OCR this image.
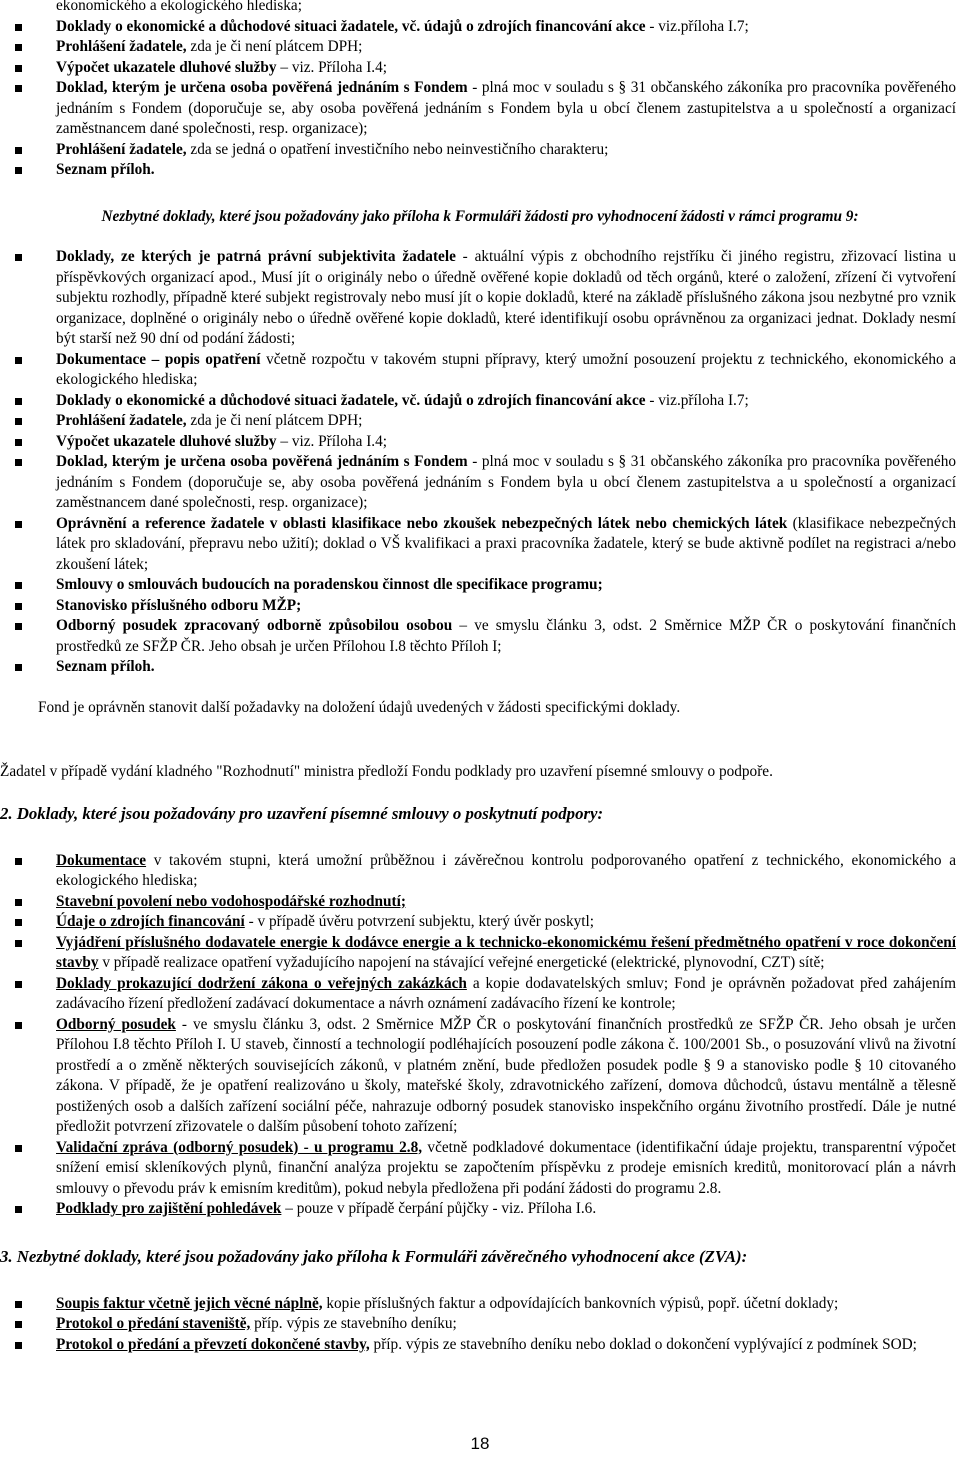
ekonomického a ekologického hlediska;
Doklady o ekonomické a důchodové situaci žadatele, vč. údajů o zdrojích financování akce - viz.příloha I.7;
Prohlášení žadatele, zda je či není plátcem DPH;
Výpočet ukazatele dluhové služby – viz. Příloha I.4;
Doklad, kterým je určena osoba pověřená jednáním s Fondem - plná moc v souladu s § 31 občanského zákoníka pro pracovníka pověřeného jednáním s Fondem (doporučuje se, aby osoba pověřená jednáním s Fondem byla u obcí členem zastupitelstva a u společností a organizací zaměstnancem dané společnosti, resp. organizace);
Prohlášení žadatele, zda se jedná o opatření investičního nebo neinvestičního charakteru;
Seznam příloh.
Nezbytné doklady, které jsou požadovány jako příloha k Formuláři žádosti pro vyhodnocení žádosti v rámci programu 9:
Doklady, ze kterých je patrná právní subjektivita žadatele - aktuální výpis z obchodního rejstříku či jiného registru, zřizovací listina u příspěvkových organizací apod., Musí jít o originály nebo o úředně ověřené kopie dokladů od těch orgánů, které o založení, zřízení či vytvoření subjektu rozhodly, případně které subjekt registrovaly nebo musí jít o kopie dokladů, které na základě příslušného zákona jsou nezbytné pro vznik organizace, doplněné o originály nebo o úředně ověřené kopie dokladů, které identifikují osobu oprávněnou za organizaci jednat. Doklady nesmí být starší než 90 dní od podání žádosti;
Dokumentace – popis opatření včetně rozpočtu v takovém stupni přípravy, který umožní posouzení projektu z technického, ekonomického a ekologického hlediska;
Doklady o ekonomické a důchodové situaci žadatele, vč. údajů o zdrojích financování akce - viz.příloha I.7;
Prohlášení žadatele, zda je či není plátcem DPH;
Výpočet ukazatele dluhové služby – viz. Příloha I.4;
Doklad, kterým je určena osoba pověřená jednáním s Fondem - plná moc v souladu s § 31 občanského zákoníka pro pracovníka pověřeného jednáním s Fondem (doporučuje se, aby osoba pověřená jednáním s Fondem byla u obcí členem zastupitelstva a u společností a organizací zaměstnancem dané společnosti, resp. organizace);
Oprávnění a reference žadatele v oblasti klasifikace nebo zkoušek nebezpečných látek nebo chemických látek (klasifikace nebezpečných látek pro skladování, přepravu nebo užití); doklad o VŠ kvalifikaci a praxi pracovníka žadatele, který se bude aktivně podílet na registraci a/nebo zkoušení látek;
Smlouvy o smlouvách budoucích na poradenskou činnost dle specifikace programu;
Stanovisko příslušného odboru MŽP;
Odborný posudek zpracovaný odborně způsobilou osobou – ve smyslu článku 3, odst. 2 Směrnice MŽP ČR o poskytování finančních prostředků ze SFŽP ČR. Jeho obsah je určen Přílohou I.8 těchto Příloh I;
Seznam příloh.
Fond je oprávněn stanovit další požadavky na doložení údajů uvedených v žádosti specifickými doklady.
Žadatel v případě vydání kladného "Rozhodnutí" ministra předloží Fondu podklady pro uzavření písemné smlouvy o podpoře.
2. Doklady, které jsou požadovány pro uzavření písemné smlouvy o poskytnutí podpory:
Dokumentace v takovém stupni, která umožní průběžnou i závěrečnou kontrolu podporovaného opatření z technického, ekonomického a ekologického hlediska;
Stavební povolení nebo vodohospodářské rozhodnutí;
Údaje o zdrojích financování - v případě úvěru potvrzení subjektu, který úvěr poskytl;
Vyjádření příslušného dodavatele energie k dodávce energie a k technicko-ekonomickému řešení předmětného opatření v roce dokončení stavby v případě realizace opatření vyžadujícího napojení na stávající veřejné energetické (elektrické, plynovodní, CZT) sítě;
Doklady prokazující dodržení zákona o veřejných zakázkách a kopie dodavatelských smluv; Fond je oprávněn požadovat před zahájením zadávacího řízení předložení zadávací dokumentace a návrh oznámení zadávacího řízení ke kontrole;
Odborný posudek - ve smyslu článku 3, odst. 2 Směrnice MŽP ČR o poskytování finančních prostředků ze SFŽP ČR. Jeho obsah je určen Přílohou I.8 těchto Příloh I. U staveb, činností a technologií podléhajících posouzení podle zákona č. 100/2001 Sb., o posuzování vlivů na životní prostředí a o změně některých souvisejících zákonů, v platném znění, bude předložen posudek podle § 9 a stanovisko podle § 10 citovaného zákona. V případě, že je opatření realizováno u školy, mateřské školy, zdravotnického zařízení, domova důchodců, ústavu mentálně a tělesně postižených osob a dalších zařízení sociální péče, nahrazuje odborný posudek stanovisko inspekčního orgánu životního prostředí. Dále je nutné předložit potvrzení zřizovatele o dalším působení tohoto zařízení;
Validační zpráva (odborný posudek) - u programu 2.8, včetně podkladové dokumentace (identifikační údaje projektu, transparentní výpočet snížení emisí skleníkových plynů, finanční analýza projektu se započtením příspěvku z prodeje emisních kreditů, monitorovací plán a návrh smlouvy o převodu práv k emisním kreditům), pokud nebyla předložena při podání žádosti do programu 2.8.
Podklady pro zajištění pohledávek – pouze v případě čerpání půjčky - viz. Příloha I.6.
3. Nezbytné doklady, které jsou požadovány jako příloha k Formuláři závěrečného vyhodnocení akce (ZVA):
Soupis faktur včetně jejich věcné náplně, kopie příslušných faktur a odpovídajících bankovních výpisů, popř. účetní doklady;
Protokol o předání staveniště, příp. výpis ze stavebního deníku;
Protokol o předání a převzetí dokončené stavby, příp. výpis ze stavebního deníku nebo doklad o dokončení vyplývající z podmínek SOD;
18
